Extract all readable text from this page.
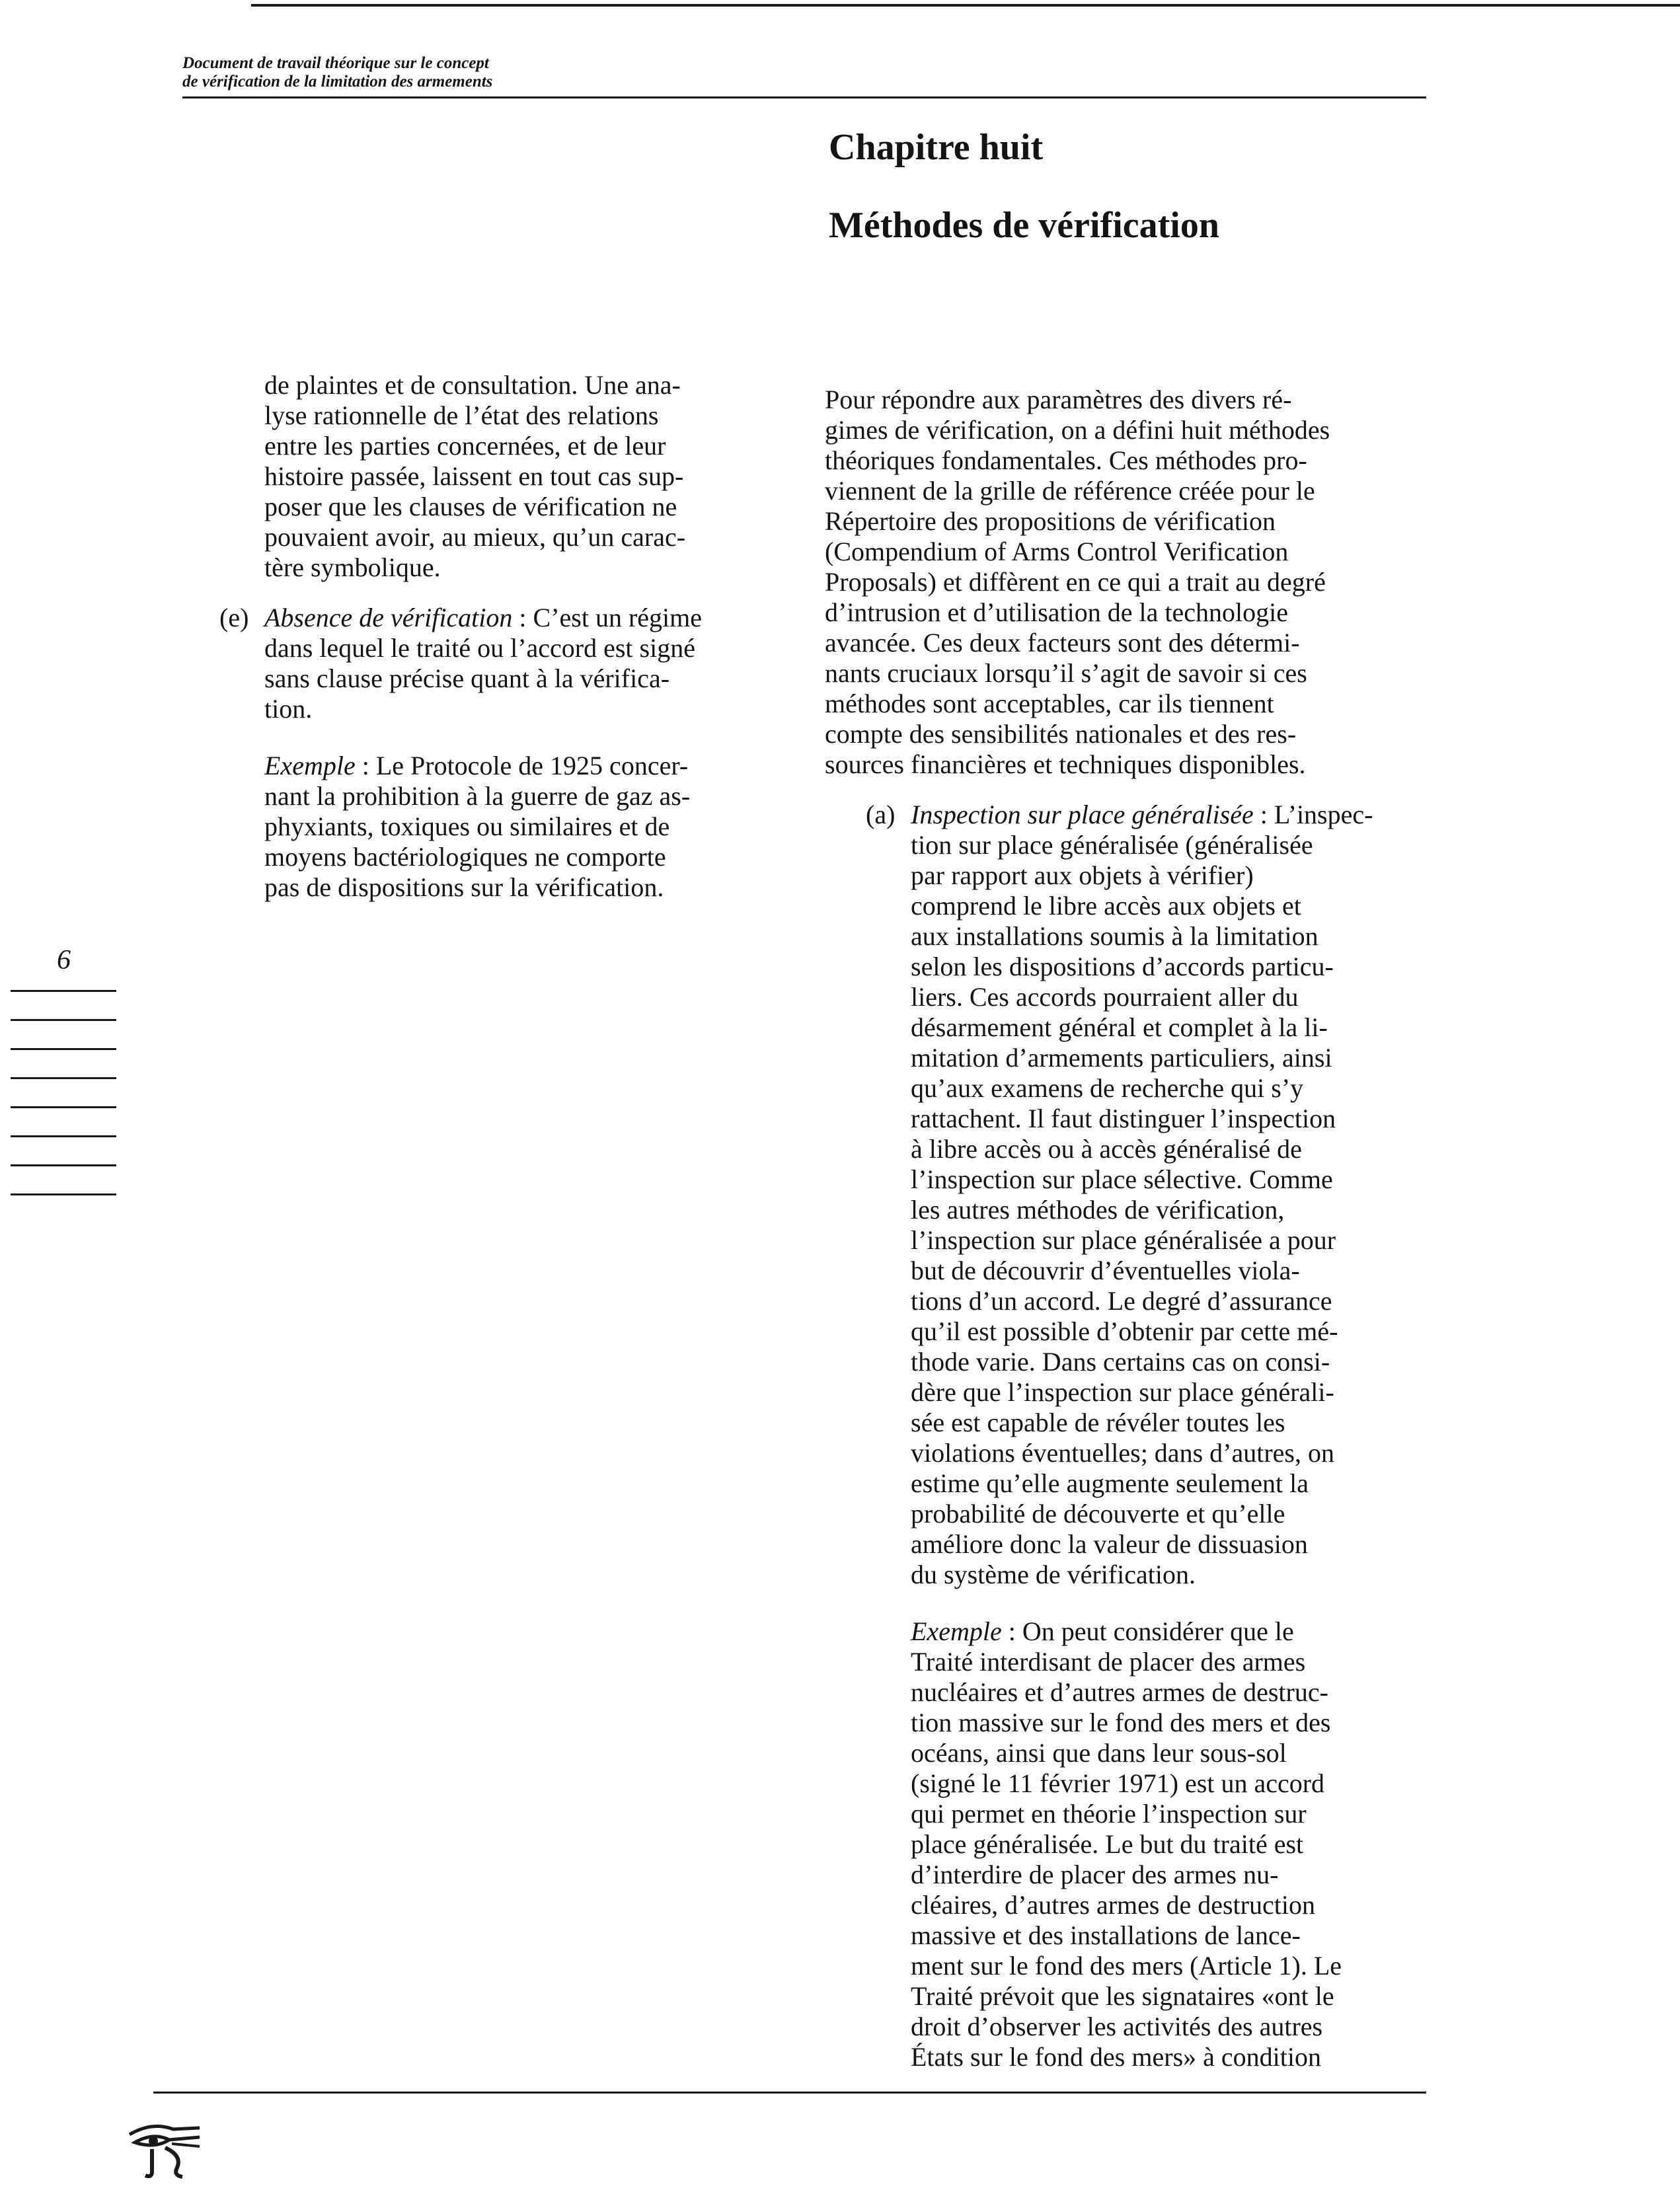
Document de travail théorique sur le concept
de vérification de la limitation des armements
Chapitre huit
Méthodes de vérification
de plaintes et de consultation. Une ana-
lyse rationnelle de l’état des relations
entre les parties concernées, et de leur
histoire passée, laissent en tout cas sup-
poser que les clauses de vérification ne
pouvaient avoir, au mieux, qu’un carac-
tère symbolique.
(e) Absence de vérification : C’est un régime
dans lequel le traité ou l’accord est signé
sans clause précise quant à la vérifica-
tion.
Exemple : Le Protocole de 1925 concer-
nant la prohibition à la guerre de gaz as-
phyxiants, toxiques ou similaires et de
moyens bactériologiques ne comporte
pas de dispositions sur la vérification.
Pour répondre aux paramètres des divers ré-
gimes de vérification, on a défini huit méthodes
théoriques fondamentales. Ces méthodes pro-
viennent de la grille de référence créée pour le
Répertoire des propositions de vérification
(Compendium of Arms Control Verification
Proposals) et diffèrent en ce qui a trait au degré
d’intrusion et d’utilisation de la technologie
avancée. Ces deux facteurs sont des détermi-
nants cruciaux lorsqu’il s’agit de savoir si ces
méthodes sont acceptables, car ils tiennent
compte des sensibilités nationales et des res-
sources financières et techniques disponibles.
(a) Inspection sur place généralisée : L’inspec-
tion sur place généralisée (généralisée
par rapport aux objets à vérifier)
comprend le libre accès aux objets et
aux installations soumis à la limitation
selon les dispositions d’accords particu-
liers. Ces accords pourraient aller du
désarmement général et complet à la li-
mitation d’armements particuliers, ainsi
qu’aux examens de recherche qui s’y
rattachent. Il faut distinguer l’inspection
à libre accès ou à accès généralisé de
l’inspection sur place sélective. Comme
les autres méthodes de vérification,
l’inspection sur place généralisée a pour
but de découvrir d’éventuelles viola-
tions d’un accord. Le degré d’assurance
qu’il est possible d’obtenir par cette mé-
thode varie. Dans certains cas on consi-
dère que l’inspection sur place générali-
sée est capable de révéler toutes les
violations éventuelles; dans d’autres, on
estime qu’elle augmente seulement la
probabilité de découverte et qu’elle
améliore donc la valeur de dissuasion
du système de vérification.
Exemple : On peut considérer que le
Traité interdisant de placer des armes
nucléaires et d’autres armes de destruc-
tion massive sur le fond des mers et des
océans, ainsi que dans leur sous-sol
(signé le 11 février 1971) est un accord
qui permet en théorie l’inspection sur
place généralisée. Le but du traité est
d’interdire de placer des armes nu-
cléaires, d’autres armes de destruction
massive et des installations de lance-
ment sur le fond des mers (Article 1). Le
Traité prévoit que les signataires «ont le
droit d’observer les activités des autres
États sur le fond des mers» à condition
6
